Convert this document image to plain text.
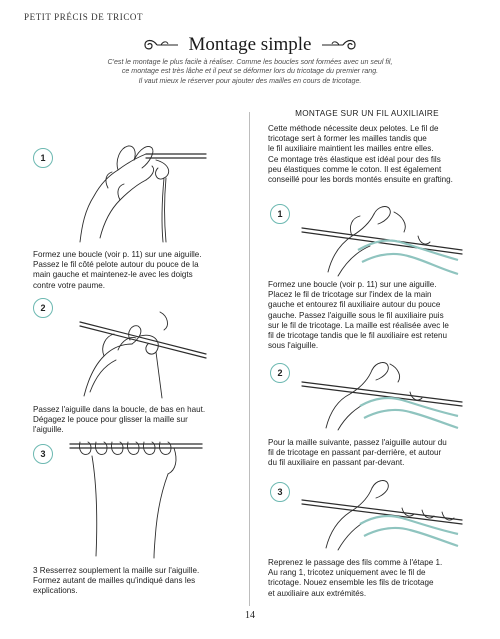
PETIT PRÉCIS DE TRICOT
Montage simple
C'est le montage le plus facile à réaliser. Comme les boucles sont formées avec un seul fil,
ce montage est très lâche et il peut se déformer lors du tricotage du premier rang.
Il vaut mieux le réserver pour ajouter des mailles en cours de tricotage.
1
Formez une boucle (voir p. 11) sur une aiguille.
Passez le fil côté pelote autour du pouce de la
main gauche et maintenez-le avec les doigts
contre votre paume.
2
Passez l'aiguille dans la boucle, de bas en haut.
Dégagez le pouce pour glisser la maille sur
l'aiguille.
3
3 Resserrez souplement la maille sur l'aiguille.
Formez autant de mailles qu'indiqué dans les
explications.
MONTAGE SUR UN FIL AUXILIAIRE
Cette méthode nécessite deux pelotes. Le fil de
tricotage sert à former les mailles tandis que
le fil auxiliaire maintient les mailles entre elles.
Ce montage très élastique est idéal pour des fils
peu élastiques comme le coton. Il est également
conseillé pour les bords montés ensuite en grafting.
1
Formez une boucle (voir p. 11) sur une aiguille.
Placez le fil de tricotage sur l'index de la main
gauche et entourez fil auxiliaire autour du pouce
gauche. Passez l'aiguille sous le fil auxiliaire puis
sur le fil de tricotage. La maille est réalisée avec le
fil de tricotage tandis que le fil auxiliaire est retenu
sous l'aiguille.
2
Pour la maille suivante, passez l'aiguille autour du
fil de tricotage en passant par-derrière, et autour
du fil auxiliaire en passant par-devant.
3
Reprenez le passage des fils comme à l'étape 1.
Au rang 1, tricotez uniquement avec le fil de
tricotage. Nouez ensemble les fils de tricotage
et auxiliaire aux extrémités.
14
